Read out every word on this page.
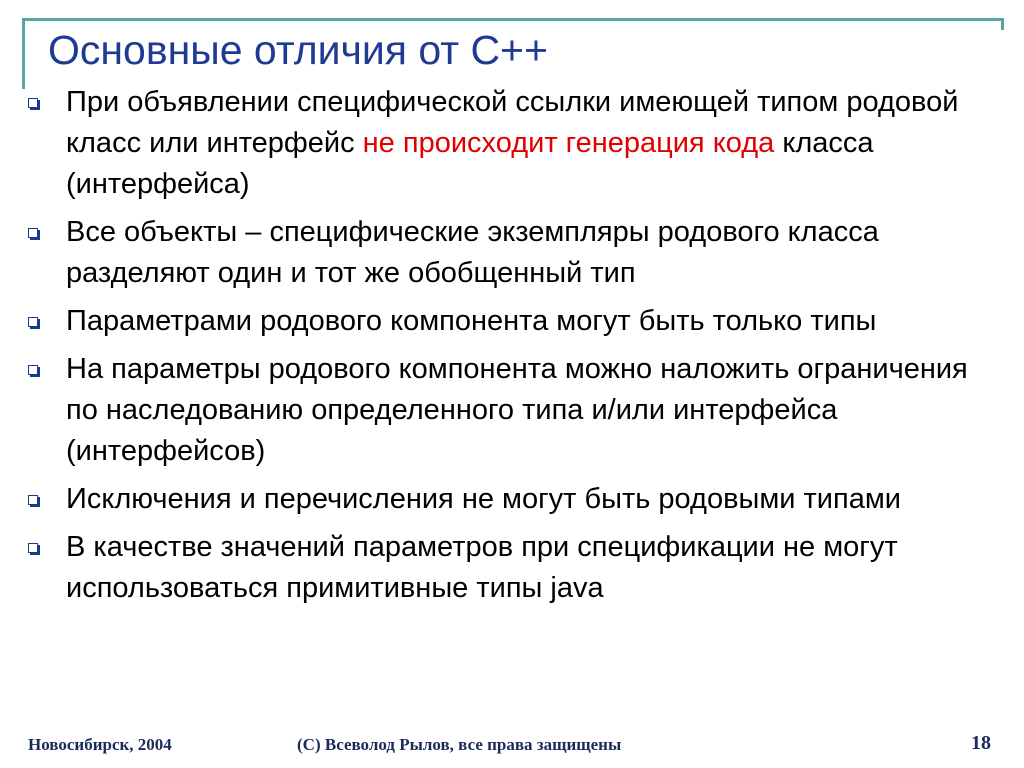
Основные отличия от C++
При объявлении специфической ссылки имеющей типом родовой класс или интерфейс не происходит генерация кода класса (интерфейса)
Все объекты – специфические экземпляры родового класса разделяют один и тот же обобщенный тип
Параметрами родового компонента могут быть только типы
На параметры родового компонента можно наложить ограничения по наследованию определенного типа и/или интерфейса (интерфейсов)
Исключения и перечисления не могут быть родовыми типами
В качестве значений параметров при спецификации не могут использоваться примитивные типы java
Новосибирск, 2004	(C) Всеволод Рылов, все права защищены	18
